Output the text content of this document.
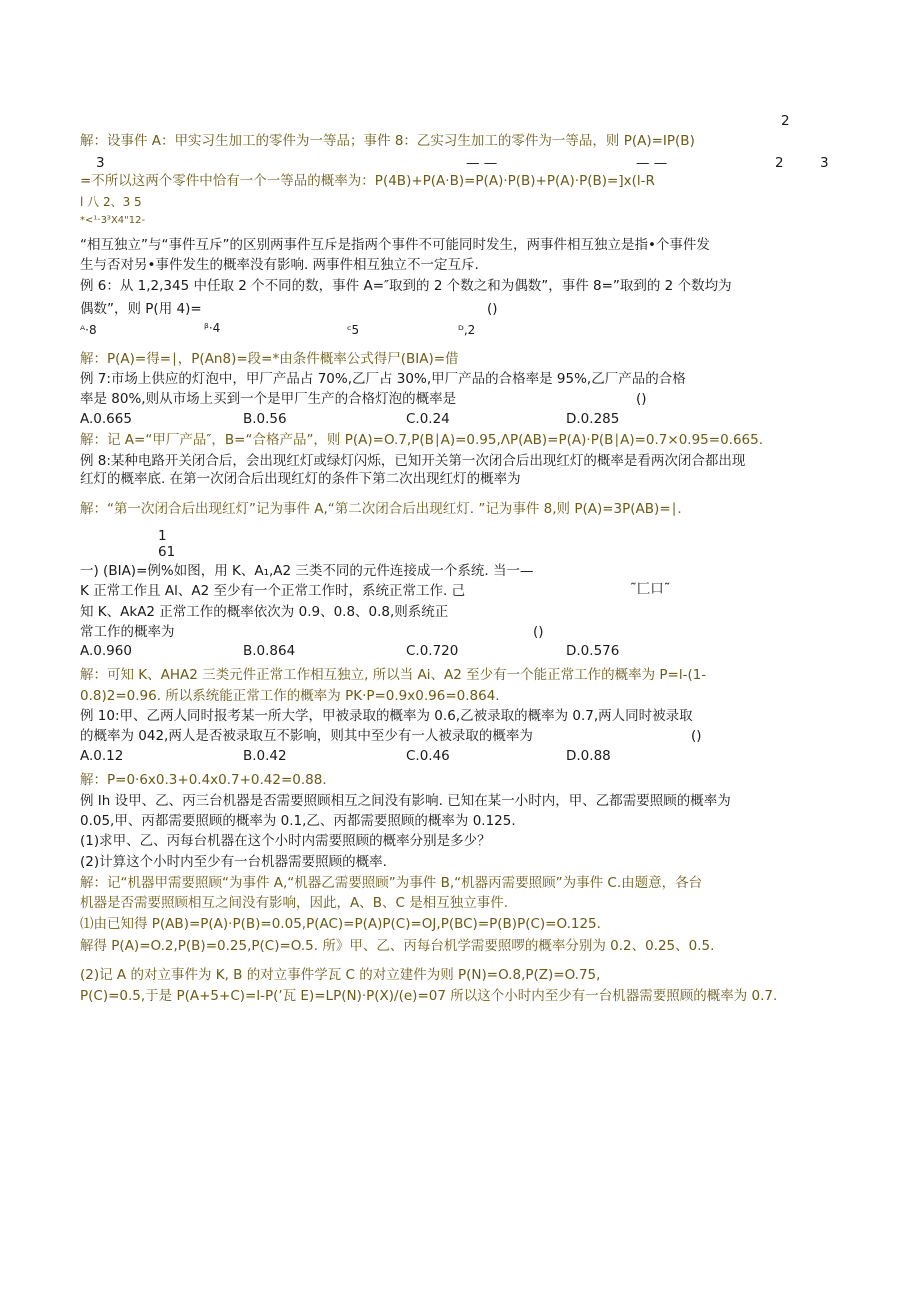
2
解：设事件 A：甲实习生加工的零件为一等品；事件 8：乙实习生加工的零件为一等品，则 P(A)=IP(B)
3	— —	— —	2	3
=不所以这两个零件中恰有一个一等品的概率为：P(4B)+P(A·B)=P(A)·P(B)+P(A)·P(B)=]x(l-R
l 八 2、3 5
*<¹·3³X4"12-
“相互独立”与“事件互斥”的区别两事件互斥是指两个事件不可能同时发生，两事件相互独立是指•个事件发
生与否对另•事件发生的概率没有影响. 两事件相互独立不一定互斥.
例 6：从 1,2,345 中任取 2 个不同的数，事件 A=″取到的 2 个数之和为偶数”，事件 8=”取到的 2 个数均为
偶数”，则 P(用 4)=	()
ᴬ·8	ᵝ·4	ᶜ5	ᴰ,2
解：P(A)=得=∣，P(An8)=段=*由条件概率公式得尸(BIA)=借
例 7:市场上供应的灯泡中，甲厂产品占 70%,乙厂占 30%,甲厂产品的合格率是 95%,乙厂产品的合格
率是 80%,则从市场上买到一个是甲厂生产的合格灯泡的概率是	()
A.0.665	B.0.56	C.0.24	D.0.285
解：记 A=“甲厂产品″，B=“合格产品”，则 P(A)=O.7,P(B∣A)=0.95,ΛP(AB)=P(A)·P(B∣A)=0.7×0.95=0.665.
例 8:某种电路开关闭合后，会出现红灯或绿灯闪烁，已知开关第一次闭合后出现红灯的概率是看两次闭合都出现
红灯的概率底. 在第一次闭合后出现红灯的条件下第二次出现红灯的概率为
解：“第一次闭合后出现红灯”记为事件 A,“第二次闭合后出现红灯. ”记为事件 8,则 P(A)=3P(AB)=∣.
1
61
一) (BIA)=例%如图，用 K、A₁,A2 三类不同的元件连接成一个系统. 当一—
K 正常工作且 Al、A2 至少有一个正常工作时，系统正常工作. 己	˜匚口˜
知 K、AkA2 正常工作的概率依次为 0.9、0.8、0.8,则系统正
常工作的概率为	()
A.0.960	B.0.864	C.0.720	D.0.576
解：可知 K、AHA2 三类元件正常工作相互独立, 所以当 Ai、A2 至少有一个能正常工作的概率为 P=l-(1-
0.8)2=0.96. 所以系统能正常工作的概率为 PK·P=0.9x0.96=0.864.
例 10:甲、乙两人同时报考某一所大学，甲被录取的概率为 0.6,乙被录取的概率为 0.7,两人同时被录取
的概率为 042,两人是否被录取互不影响，则其中至少有一人被录取的概率为	()
A.0.12	B.0.42	C.0.46	D.0.88
解：P=0·6x0.3+0.4x0.7+0.42=0.88.
例 Ih 设甲、乙、丙三台机器是否需要照顾相互之间没有影响. 已知在某一小时内，甲、乙都需要照顾的概率为
0.05,甲、丙都需要照顾的概率为 0.1,乙、丙都需要照顾的概率为 0.125.
(1)求甲、乙、丙每台机器在这个小时内需要照顾的概率分别是多少？
(2)计算这个小时内至少有一台机器需要照顾的概率.
解：记“机器甲需要照顾“为事件 A,“机器乙需要照顾”为事件 B,“机器丙需要照顾”为事件 C.由题意，各台
机器是否需要照顾相互之间没有影响，因此，A、B、C 是相互独立事件.
⑴由已知得 P(AB)=P(A)·P(B)=0.05,P(AC)=P(A)P(C)=OJ,P(BC)=P(B)P(C)=O.125.
解得 P(A)=O.2,P(B)=0.25,P(C)=O.5. 所》甲、乙、丙每台机学需要照啰的概率分别为 0.2、0.25、0.5.
(2)记 A 的对立事件为 K, B 的对立事件学瓦 C 的对立建件为则 P(N)=O.8,P(Z)=O.75,
P(C)=0.5,于是 P(A+5+C)=l-P(’瓦 E)=LP(N)·P(X)/(e)=07 所以这个小时内至少有一台机器需要照顾的概率为 0.7.
